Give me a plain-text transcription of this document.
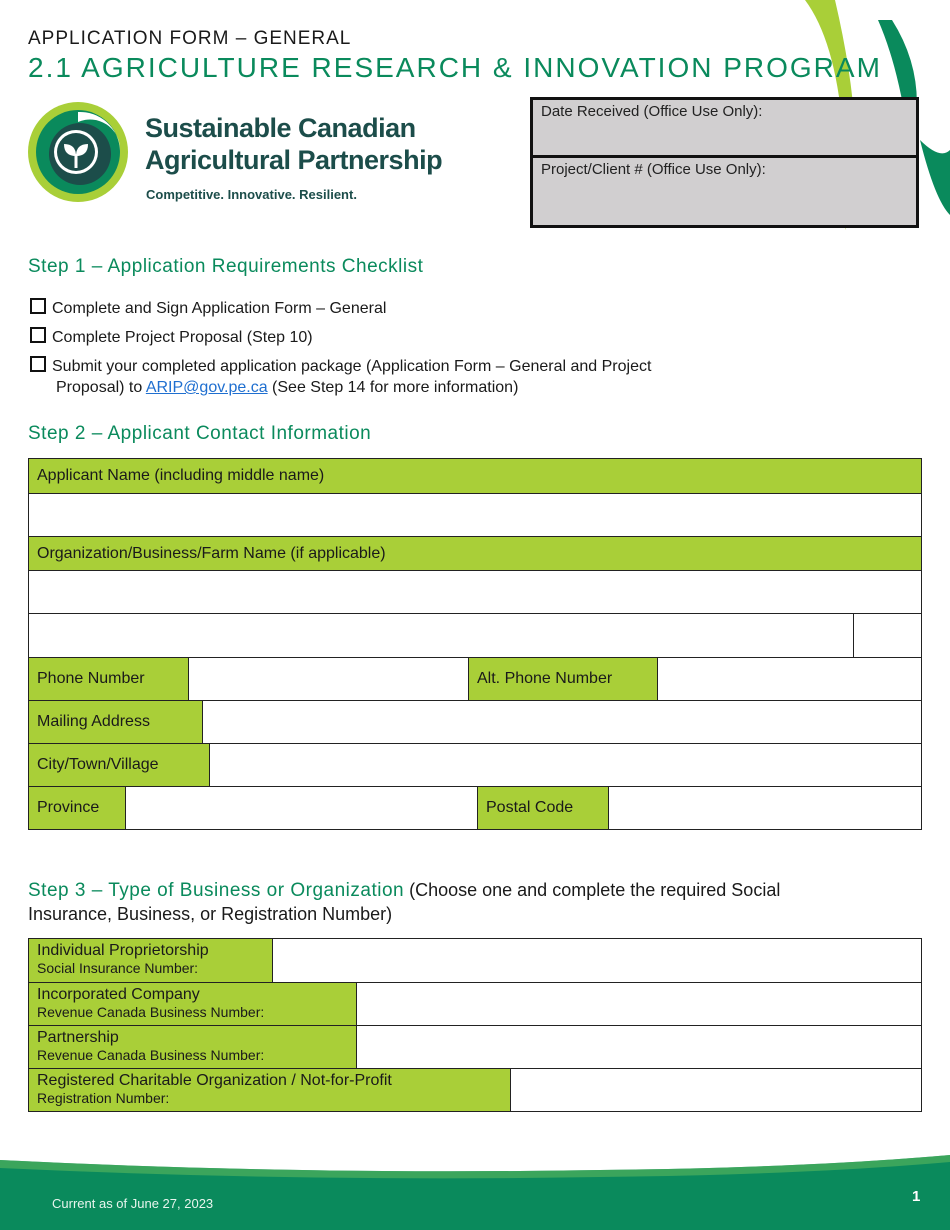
APPLICATION FORM – GENERAL
2.1 AGRICULTURE RESEARCH & INNOVATION PROGRAM
Sustainable Canadian
Agricultural Partnership
Competitive. Innovative. Resilient.
Date Received (Office Use Only):
Project/Client # (Office Use Only):
Step 1 – Application Requirements Checklist
Complete and Sign Application Form – General
Complete Project Proposal (Step 10)
Submit your completed application package (Application Form – General and Project
Proposal) to ARIP@gov.pe.ca (See Step 14 for more information)
Step 2 – Applicant Contact Information
Applicant Name (including middle name)
Organization/Business/Farm Name (if applicable)
Phone Number	Alt. Phone Number
Mailing Address
City/Town/Village
Province	Postal Code
Step 3 – Type of Business or Organization (Choose one and complete the required Social
Insurance, Business, or Registration Number)
Individual Proprietorship
Social Insurance Number:
Incorporated Company
Revenue Canada Business Number:
Partnership
Revenue Canada Business Number:
Registered Charitable Organization / Not-for-Profit
Registration Number:
Current as of June 27, 2023	1
